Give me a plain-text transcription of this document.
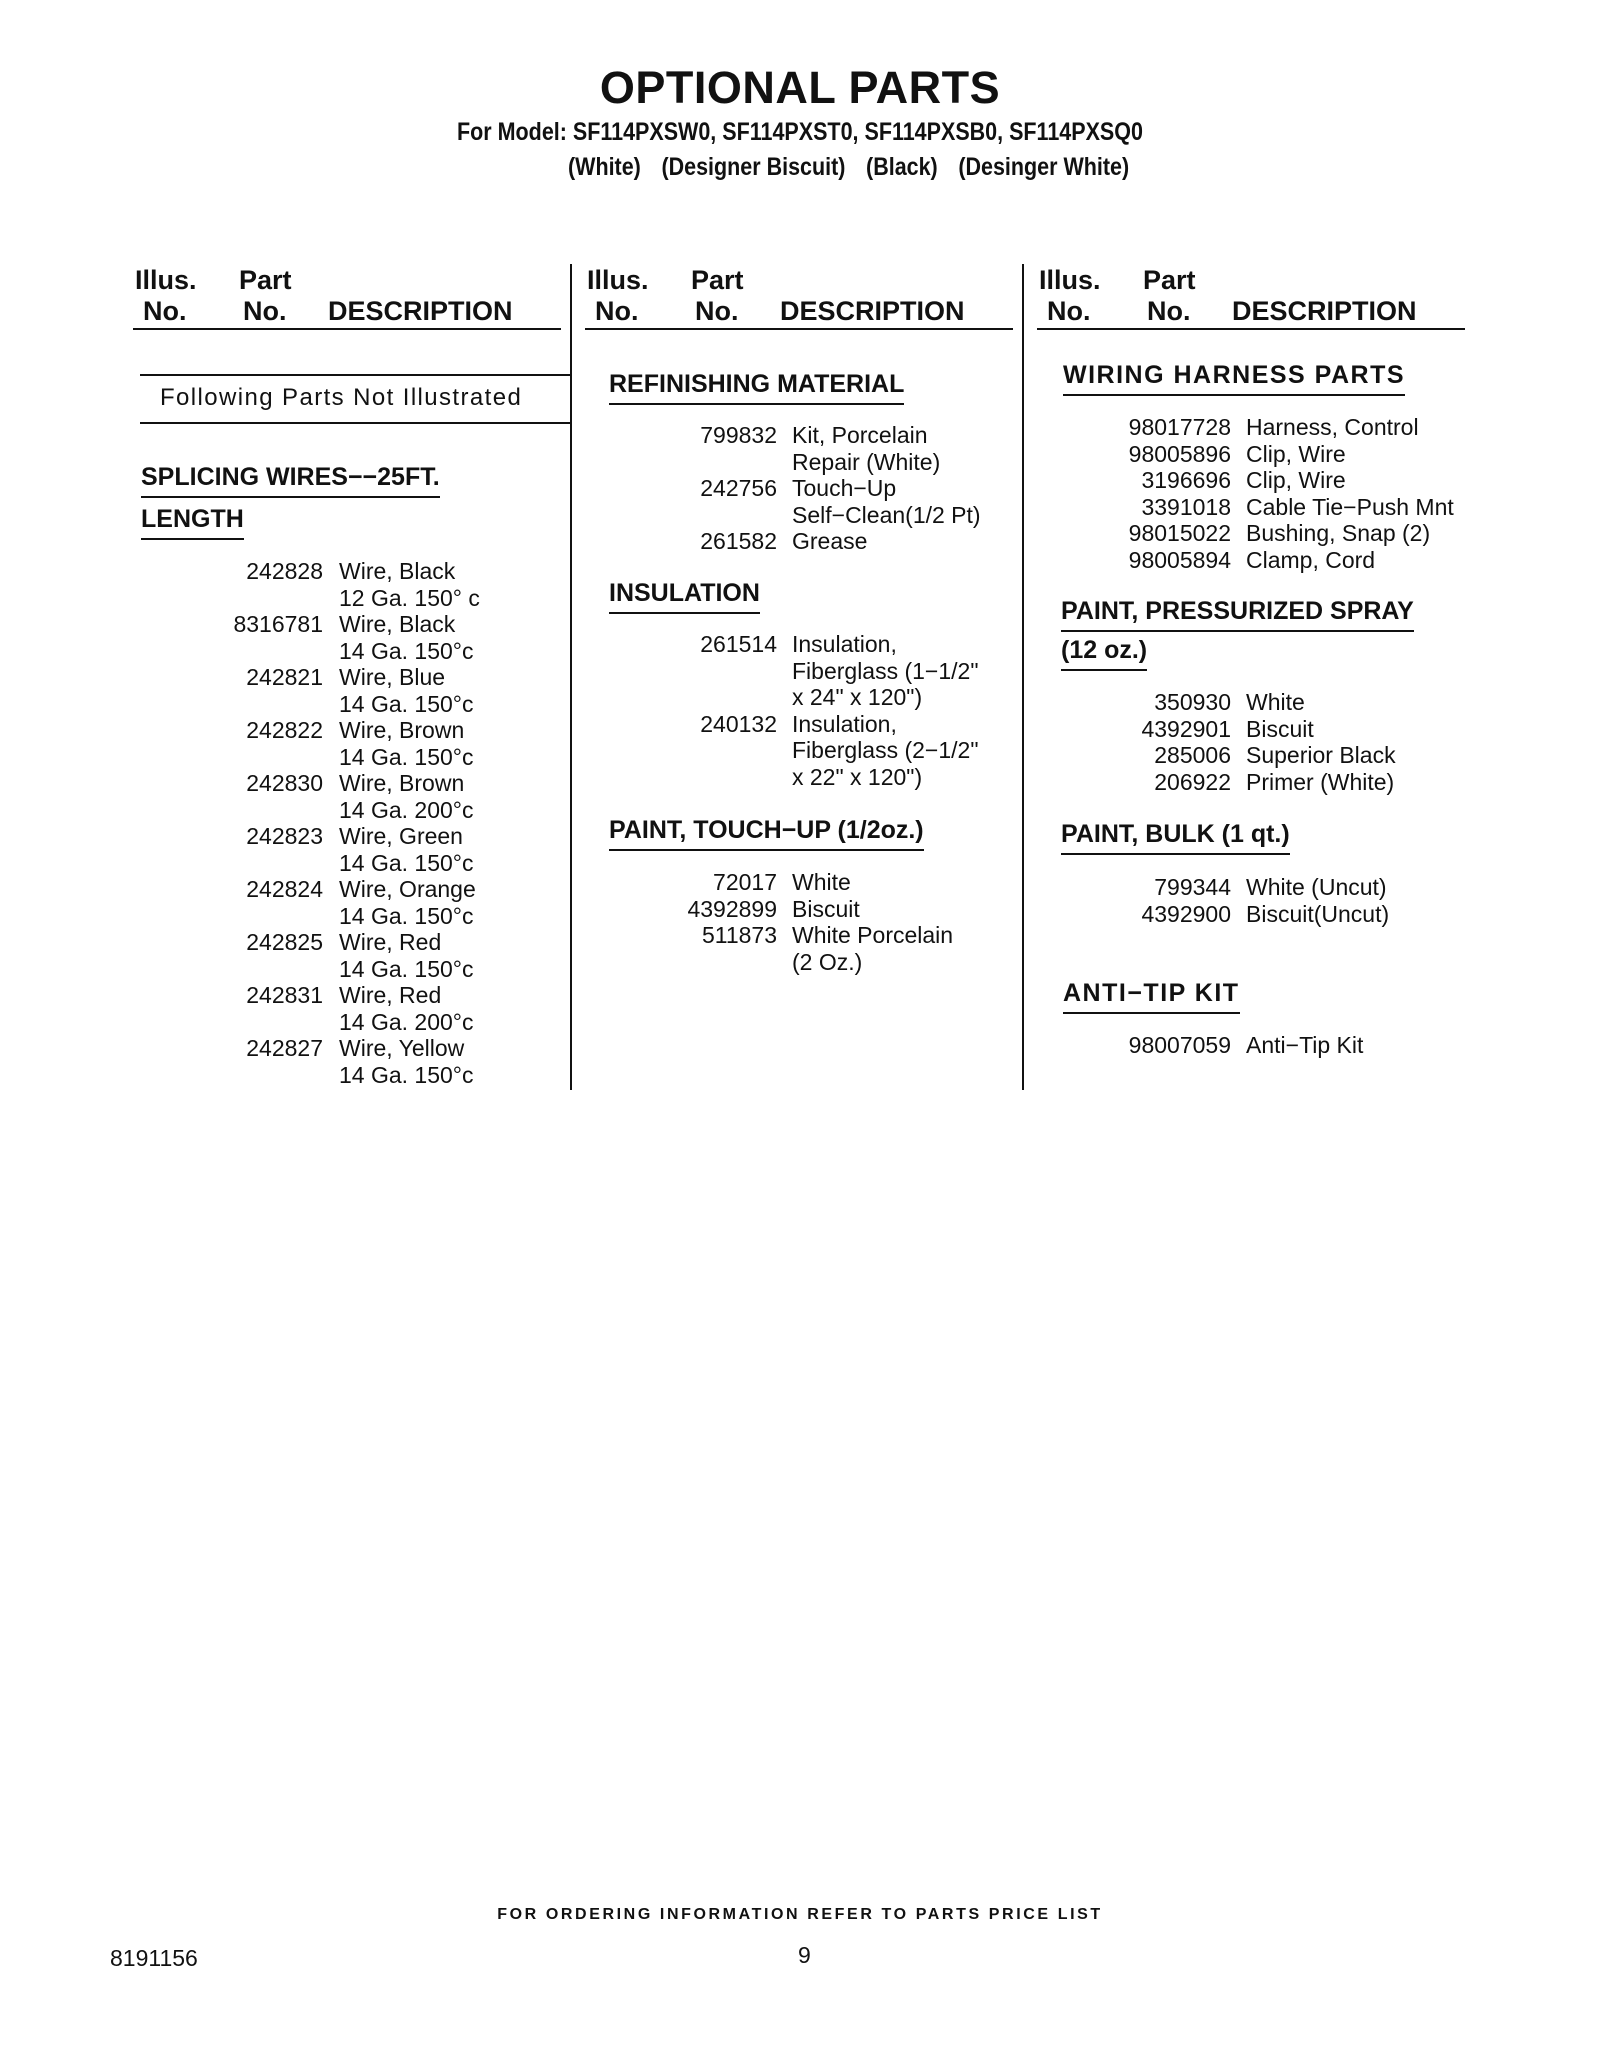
OPTIONAL PARTS
For Model: SF114PXSW0, SF114PXST0, SF114PXSB0, SF114PXSQ0
(White) (Designer Biscuit) (Black) (Desinger White)
Illus. Part
No. No. DESCRIPTION
Illus. Part
No. No. DESCRIPTION
Illus. Part
No. No. DESCRIPTION
Following Parts Not Illustrated
SPLICING WIRES−−25FT.
LENGTH
242828 Wire, Black
12 Ga. 150° c
8316781 Wire, Black
14 Ga. 150°c
242821 Wire, Blue
14 Ga. 150°c
242822 Wire, Brown
14 Ga. 150°c
242830 Wire, Brown
14 Ga. 200°c
242823 Wire, Green
14 Ga. 150°c
242824 Wire, Orange
14 Ga. 150°c
242825 Wire, Red
14 Ga. 150°c
242831 Wire, Red
14 Ga. 200°c
242827 Wire, Yellow
14 Ga. 150°c
REFINISHING MATERIAL
799832 Kit, Porcelain
Repair (White)
242756 Touch−Up
Self−Clean(1/2 Pt)
261582 Grease
INSULATION
261514 Insulation,
Fiberglass (1−1/2"
x 24" x 120")
240132 Insulation,
Fiberglass (2−1/2"
x 22" x 120")
PAINT, TOUCH−UP (1/2oz.)
72017 White
4392899 Biscuit
511873 White Porcelain
(2 Oz.)
WIRING HARNESS PARTS
98017728 Harness, Control
98005896 Clip, Wire
3196696 Clip, Wire
3391018 Cable Tie−Push Mnt
98015022 Bushing, Snap (2)
98005894 Clamp, Cord
PAINT, PRESSURIZED SPRAY
(12 oz.)
350930 White
4392901 Biscuit
285006 Superior Black
206922 Primer (White)
PAINT, BULK (1 qt.)
799344 White (Uncut)
4392900 Biscuit(Uncut)
ANTI−TIP KIT
98007059 Anti−Tip Kit
FOR ORDERING INFORMATION REFER TO PARTS PRICE LIST
8191156	9
